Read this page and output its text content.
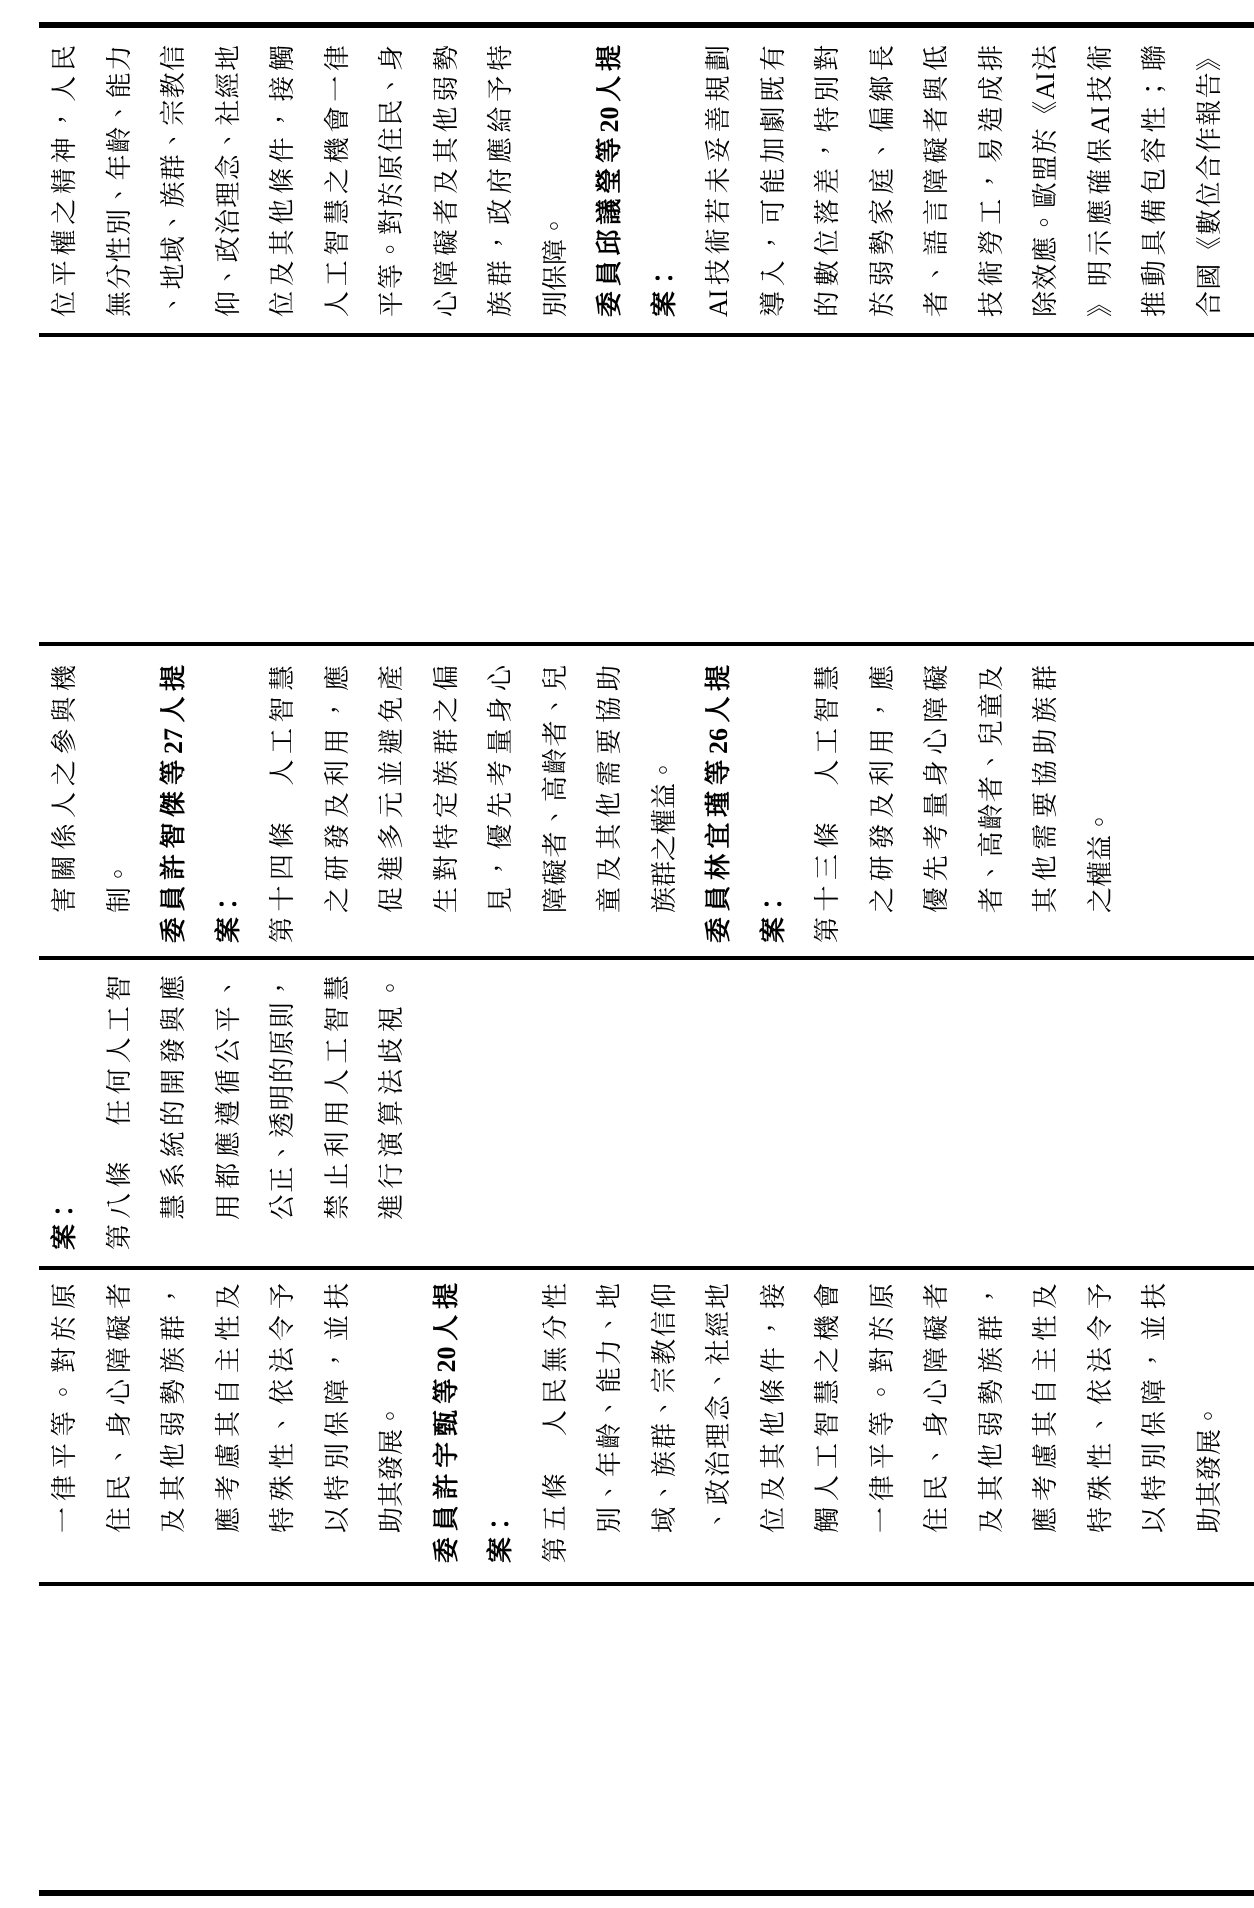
位平權之精神，人民 無分性別、年齡、能力 、地域、族群、宗教信 仰、政治理念、社經地 位及其他條件，接觸 人工智慧之機會一律 平等。對於原住民、身 心障礙者及其他弱勢 族群，政府應給予特 別保障。 委員邱議瑩等20人提 案： AI技術若未妥善規劃 導入，可能加劇既有 的數位落差，特別對 於弱勢家庭、偏鄉長 者、語言障礙者與低 技術勞工，易造成排 除效應。歐盟於《AI法 》明示應確保AI技術 推動具備包容性；聯 合國《數位合作報告》
害關係人之參與機 制。 委員許智傑等27人提 案： 第十四條　人工智慧 之研發及利用，應 促進多元並避免產 生對特定族群之偏 見，優先考量身心 障礙者、高齡者、兒 童及其他需要協助 族群之權益。 委員林宜瑾等26人提 案： 第十三條　人工智慧 之研發及利用，應 優先考量身心障礙 者、高齡者、兒童及 其他需要協助族群 之權益。
案： 第八條　任何人工智 慧系統的開發與應 用都應遵循公平、 公正、透明的原則， 禁止利用人工智慧 進行演算法歧視。
一律平等。對於原 住民、身心障礙者 及其他弱勢族群， 應考慮其自主性及 特殊性、依法令予 以特別保障，並扶 助其發展。 委員許宇甄等20人提 案： 第五條　人民無分性 別、年齡、能力、地 域、族群、宗教信仰 、政治理念、社經地 位及其他條件，接 觸人工智慧之機會 一律平等。對於原 住民、身心障礙者 及其他弱勢族群， 應考慮其自主性及 特殊性、依法令予 以特別保障，並扶 助其發展。
